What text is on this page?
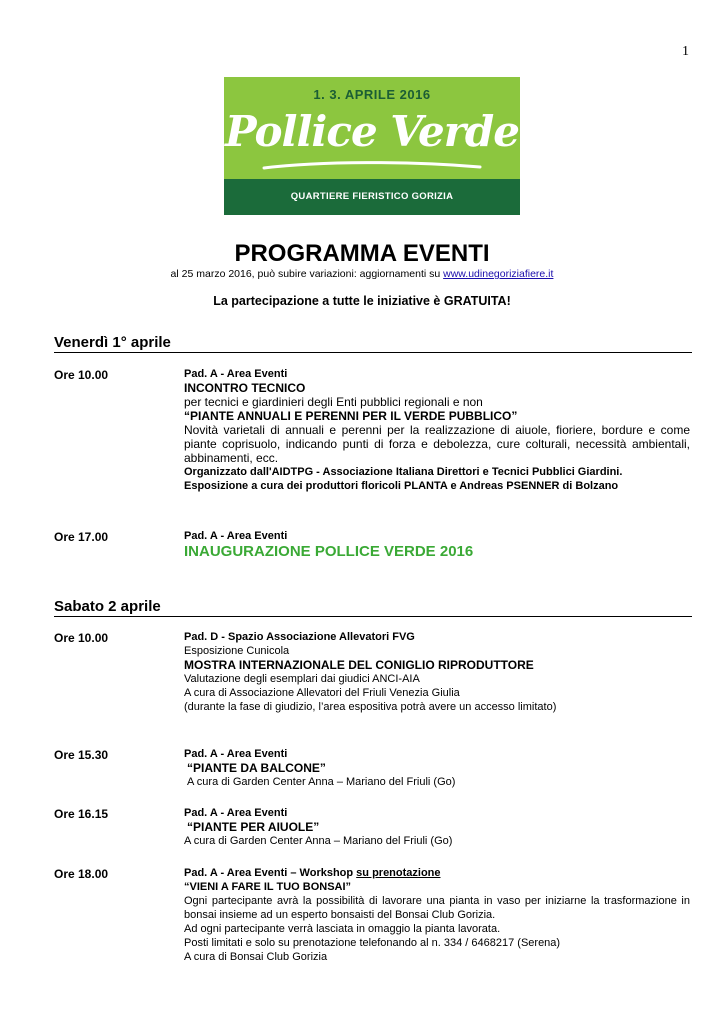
1
1. 3. APRILE 2016
Pollice Verde
QUARTIERE FIERISTICO GORIZIA
PROGRAMMA EVENTI
al 25 marzo 2016, può subire variazioni: aggiornamenti su www.udinegoriziafiere.it
La partecipazione a tutte le iniziative è GRATUITA!
Venerdì 1° aprile
Ore 10.00	Pad. A - Area Eventi
INCONTRO TECNICO
per tecnici e giardinieri degli Enti pubblici regionali e non
“PIANTE ANNUALI E PERENNI PER IL VERDE PUBBLICO”
Novità varietali di annuali e perenni per la realizzazione di aiuole, fioriere, bordure e come piante coprisuolo, indicando punti di forza e debolezza, cure colturali, necessità ambientali, abbinamenti, ecc.
Organizzato dall'AIDTPG - Associazione Italiana Direttori e Tecnici Pubblici Giardini.
Esposizione a cura dei produttori floricoli PLANTA e Andreas PSENNER di Bolzano
Ore 17.00	Pad. A - Area Eventi
INAUGURAZIONE POLLICE VERDE 2016
Sabato 2 aprile
Ore 10.00	Pad. D - Spazio Associazione Allevatori FVG
Esposizione Cunicola
MOSTRA INTERNAZIONALE DEL CONIGLIO RIPRODUTTORE
Valutazione degli esemplari dai giudici ANCI-AIA
A cura di Associazione Allevatori del Friuli Venezia Giulia
(durante la fase di giudizio, l’area espositiva potrà avere un accesso limitato)
Ore 15.30	Pad. A - Area Eventi
“PIANTE DA BALCONE”
A cura di Garden Center Anna – Mariano del Friuli (Go)
Ore 16.15	Pad. A - Area Eventi
“PIANTE PER AIUOLE”
A cura di Garden Center Anna – Mariano del Friuli (Go)
Ore 18.00	Pad. A - Area Eventi – Workshop su prenotazione
“VIENI A FARE IL TUO BONSAI”
Ogni partecipante avrà la possibilità di lavorare una pianta in vaso per iniziarne la trasformazione in bonsai insieme ad un esperto bonsaisti del Bonsai Club Gorizia.
Ad ogni partecipante verrà lasciata in omaggio la pianta lavorata.
Posti limitati e solo su prenotazione telefonando al n. 334 / 6468217 (Serena)
A cura di Bonsai Club Gorizia
